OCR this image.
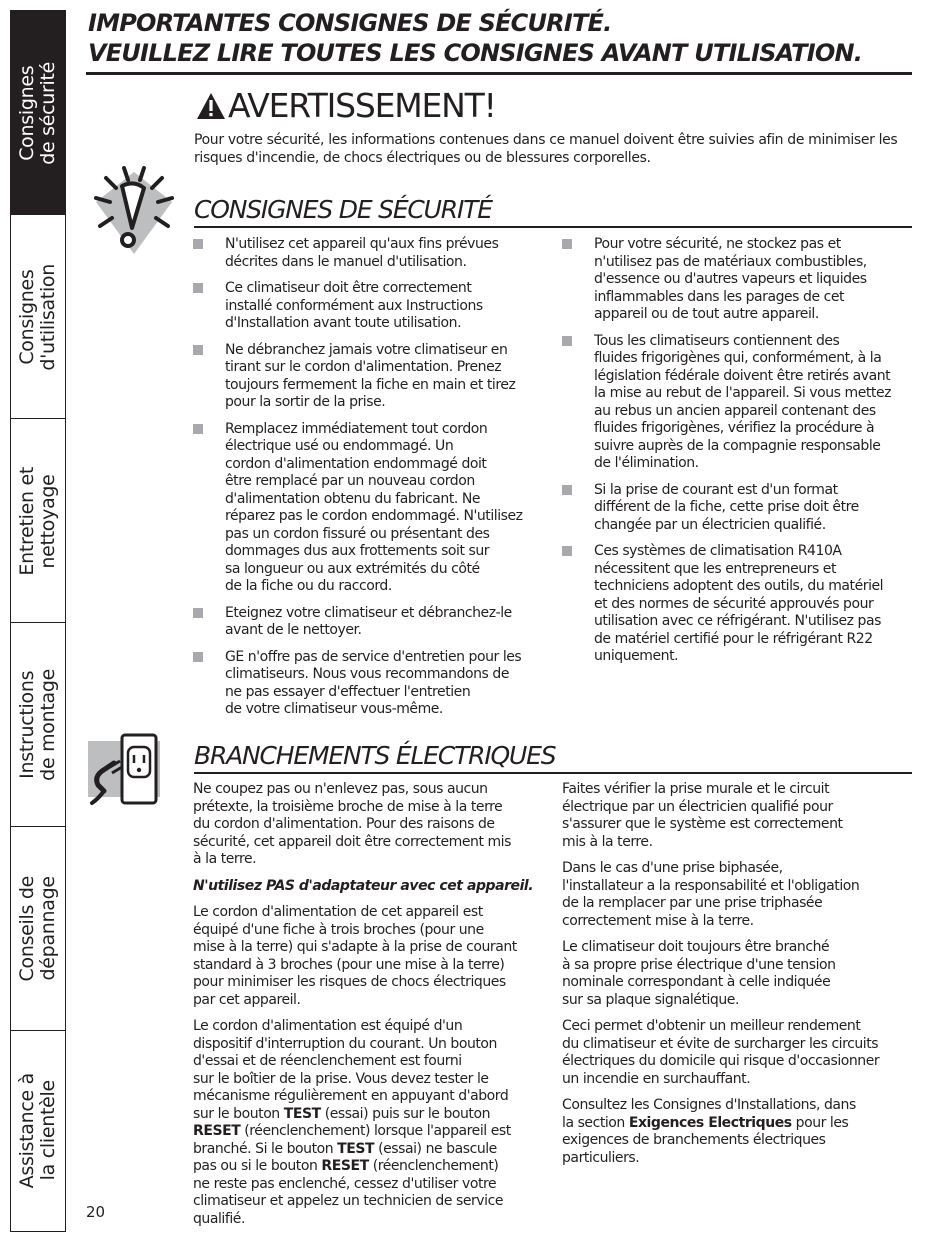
Consignes
de sécurité
Consignes
d'utilisation
Entretien et
nettoyage
Instructions
de montage
Conseils de
dépannage
Assistance à
la clientèle
20
IMPORTANTES CONSIGNES DE SÉCURITÉ.
VEUILLEZ LIRE TOUTES LES CONSIGNES AVANT UTILISATION.
AVERTISSEMENT!
Pour votre sécurité, les informations contenues dans ce manuel doivent être suivies afin de minimiser les risques d'incendie, de chocs électriques ou de blessures corporelles.
CONSIGNES DE SÉCURITÉ
N'utilisez cet appareil qu'aux fins prévues
décrites dans le manuel d'utilisation.
Ce climatiseur doit être correctement
installé conformément aux Instructions
d'Installation avant toute utilisation.
Ne débranchez jamais votre climatiseur en
tirant sur le cordon d'alimentation. Prenez
toujours fermement la fiche en main et tirez
pour la sortir de la prise.
Remplacez immédiatement tout cordon
électrique usé ou endommagé. Un
cordon d'alimentation endommagé doit
être remplacé par un nouveau cordon
d'alimentation obtenu du fabricant. Ne
réparez pas le cordon endommagé. N'utilisez
pas un cordon fissuré ou présentant des
dommages dus aux frottements soit sur
sa longueur ou aux extrémités du côté
de la fiche ou du raccord.
Eteignez votre climatiseur et débranchez-le
avant de le nettoyer.
GE n'offre pas de service d'entretien pour les
climatiseurs. Nous vous recommandons de
ne pas essayer d'effectuer l'entretien
de votre climatiseur vous-même.
Pour votre sécurité, ne stockez pas et
n'utilisez pas de matériaux combustibles,
d'essence ou d'autres vapeurs et liquides
inflammables dans les parages de cet
appareil ou de tout autre appareil.
Tous les climatiseurs contiennent des
fluides frigorigènes qui, conformément, à la
législation fédérale doivent être retirés avant
la mise au rebut de l'appareil. Si vous mettez
au rebus un ancien appareil contenant des
fluides frigorigènes, vérifiez la procédure à
suivre auprès de la compagnie responsable
de l'élimination.
Si la prise de courant est d'un format
différent de la fiche, cette prise doit être
changée par un électricien qualifié.
Ces systèmes de climatisation R410A
nécessitent que les entrepreneurs et
techniciens adoptent des outils, du matériel
et des normes de sécurité approuvés pour
utilisation avec ce réfrigérant. N'utilisez pas
de matériel certifié pour le réfrigérant R22
uniquement.
BRANCHEMENTS ÉLECTRIQUES

Ne coupez pas ou n'enlevez pas, sous aucun
prétexte, la troisième broche de mise à la terre
du cordon d'alimentation. Pour des raisons de
sécurité, cet appareil doit être correctement mis
à la terre.

N'utilisez PAS d'adaptateur avec cet appareil.

Le cordon d'alimentation de cet appareil est
équipé d'une fiche à trois broches (pour une
mise à la terre) qui s'adapte à la prise de courant
standard à 3 broches (pour une mise à la terre)
pour minimiser les risques de chocs électriques
par cet appareil.

Le cordon d'alimentation est équipé d'un
dispositif d'interruption du courant. Un bouton
d'essai et de réenclenchement est fourni
sur le boîtier de la prise. Vous devez tester le
mécanisme régulièrement en appuyant d'abord
sur le bouton TEST (essai) puis sur le bouton
RESET (réenclenchement) lorsque l'appareil est
branché. Si le bouton TEST (essai) ne bascule
pas ou si le bouton RESET (réenclenchement)
ne reste pas enclenché, cessez d'utiliser votre
climatiseur et appelez un technicien de service
qualifié.

Faites vérifier la prise murale et le circuit
électrique par un électricien qualifié pour
s'assurer que le système est correctement
mis à la terre.

Dans le cas d'une prise biphasée,
l'installateur a la responsabilité et l'obligation
de la remplacer par une prise triphasée
correctement mise à la terre.

Le climatiseur doit toujours être branché
à sa propre prise électrique d'une tension
nominale correspondant à celle indiquée
sur sa plaque signalétique.

Ceci permet d'obtenir un meilleur rendement
du climatiseur et évite de surcharger les circuits
électriques du domicile qui risque d'occasionner
un incendie en surchauffant.

Consultez les Consignes d'Installations, dans
la section Exigences Electriques pour les
exigences de branchements électriques
particuliers.
